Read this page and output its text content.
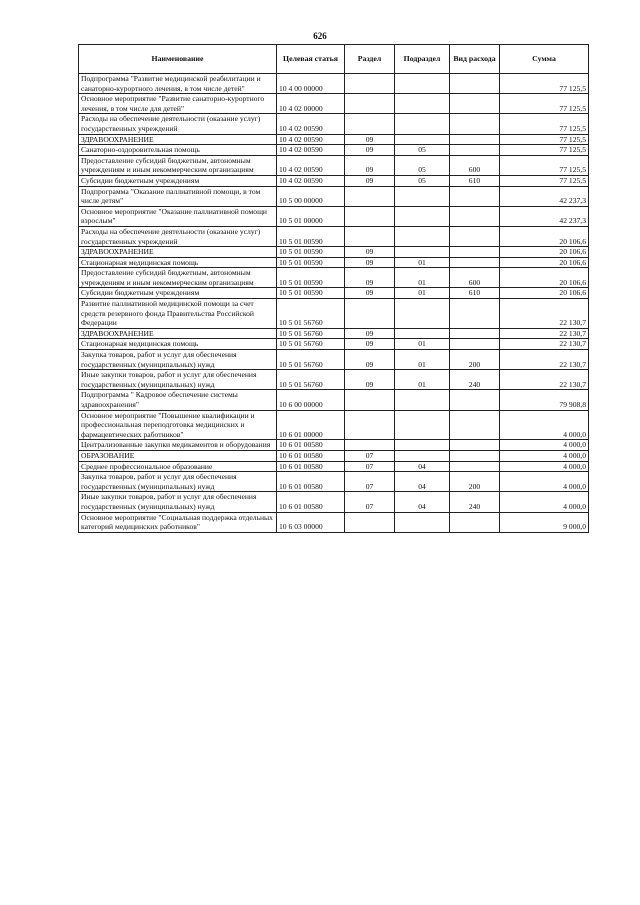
626
Наименование	Целевая статья	Раздел	Подраздел	Вид расхода	Сумма
Подпрограмма "Развитие медицинской реабилитации и санаторно-курортного лечения, в том числе детей"	10 4 00 00000				77 125,5
Основное мероприятие "Развитие санаторно-курортного лечения, в том числе для детей"	10 4 02 00000				77 125,5
Расходы на обеспечение деятельности (оказание услуг) государственных учреждений	10 4 02 00590				77 125,5
ЗДРАВООХРАНЕНИЕ	10 4 02 00590	09			77 125,5
Санаторно-оздоровительная помощь	10 4 02 00590	09	05		77 125,5
Предоставление субсидий бюджетным, автономным учреждениям и иным некоммерческим организациям	10 4 02 00590	09	05	600	77 125,5
Субсидии бюджетным учреждениям	10 4 02 00590	09	05	610	77 125,5
Подпрограмма "Оказание паллиативной помощи, в том числе детям"	10 5 00 00000				42 237,3
Основное мероприятие "Оказание паллиативной помощи взрослым"	10 5 01 00000				42 237,3
Расходы на обеспечение деятельности (оказание услуг) государственных учреждений	10 5 01 00590				20 106,6
ЗДРАВООХРАНЕНИЕ	10 5 01 00590	09			20 106,6
Стационарная медицинская помощь	10 5 01 00590	09	01		20 106,6
Предоставление субсидий бюджетным, автономным учреждениям и иным некоммерческим организациям	10 5 01 00590	09	01	600	20 106,6
Субсидии бюджетным учреждениям	10 5 01 00590	09	01	610	20 106,6
Развитие паллиативной медицинской помощи за счет средств резервного фонда Правительства Российской Федерации	10 5 01 56760				22 130,7
ЗДРАВООХРАНЕНИЕ	10 5 01 56760	09			22 130,7
Стационарная медицинская помощь	10 5 01 56760	09	01		22 130,7
Закупка товаров, работ и услуг для обеспечения государственных (муниципальных) нужд	10 5 01 56760	09	01	200	22 130,7
Иные закупки товаров, работ и услуг для обеспечения государственных (муниципальных) нужд	10 5 01 56760	09	01	240	22 130,7
Подпрограмма " Кадровое обеспечение системы здравоохранения"	10 6 00 00000				79 908,8
Основное мероприятие "Повышение квалификации и профессиональная переподготовка медицинских и фармацевтических работников"	10 6 01 00000				4 000,0
Централизованные закупки медикаментов и оборудования	10 6 01 00580				4 000,0
ОБРАЗОВАНИЕ	10 6 01 00580	07			4 000,0
Среднее профессиональное образование	10 6 01 00580	07	04		4 000,0
Закупка товаров, работ и услуг для обеспечения государственных (муниципальных) нужд	10 6 01 00580	07	04	200	4 000,0
Иные закупки товаров, работ и услуг для обеспечения государственных (муниципальных) нужд	10 6 01 00580	07	04	240	4 000,0
Основное мероприятие "Социальная поддержка отдельных категорий медицинских работников"	10 6 03 00000				9 000,0
